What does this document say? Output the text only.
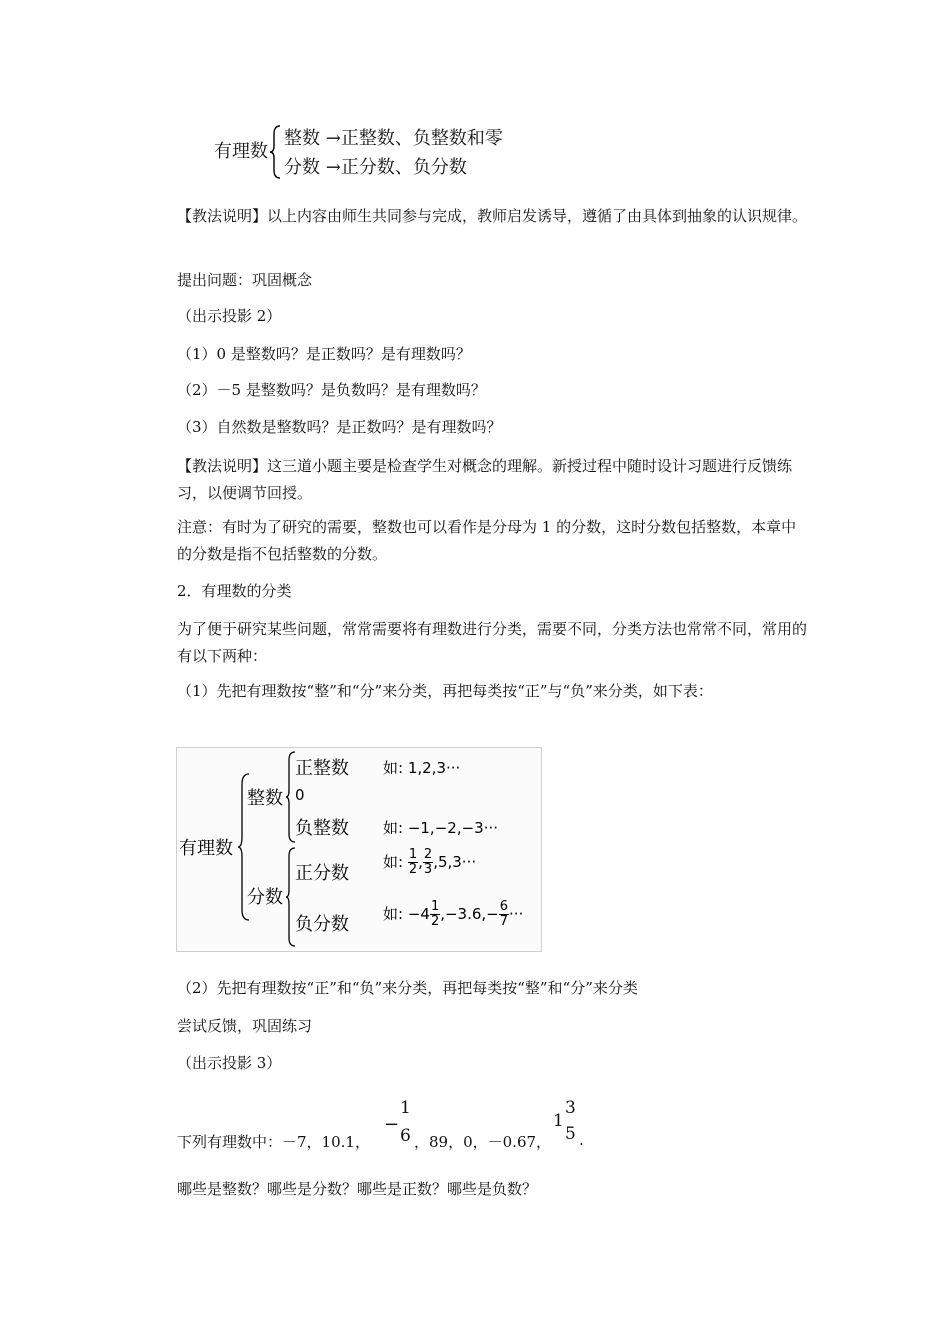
有理数
整数 →正整数、负整数和零
分数 →正分数、负分数
【教法说明】以上内容由师生共同参与完成，教师启发诱导，遵循了由具体到抽象的认识规律。
提出问题：巩固概念
（出示投影 2）
（1）0 是整数吗？是正数吗？是有理数吗？
（2）－5 是整数吗？是负数吗？是有理数吗？
（3）自然数是整数吗？是正数吗？是有理数吗？
【教法说明】这三道小题主要是检查学生对概念的理解。新授过程中随时设计习题进行反馈练习，以便调节回授。
注意：有时为了研究的需要，整数也可以看作是分母为 1 的分数，这时分数包括整数，本章中的分数是指不包括整数的分数。
2．有理数的分类
为了便于研究某些问题，常常需要将有理数进行分类，需要不同，分类方法也常常不同，常用的有以下两种：
（1）先把有理数按“整”和“分”来分类，再把每类按“正”与“负”来分类，如下表：
有理数
整数
分数
正整数
0
负整数
正分数
负分数
如: 1,2,3···
如: −1,−2,−3···
如: $\frac{1}{2}$ , $\frac{2}{3} ,5,3\cdot\cdot\cdot$
如: $-4 \frac{1}{2} ,-3.6,- \frac{6}{7}$ ···
（2）先把有理数按“正”和“负”来分类，再把每类按“整”和“分”来分类
尝试反馈，巩固练习
（出示投影 3）
下列有理数中：－7，10.1，
−
1
6 ，89，0，－0.67，
1
3
5 .
哪些是整数？哪些是分数？哪些是正数？哪些是负数？
